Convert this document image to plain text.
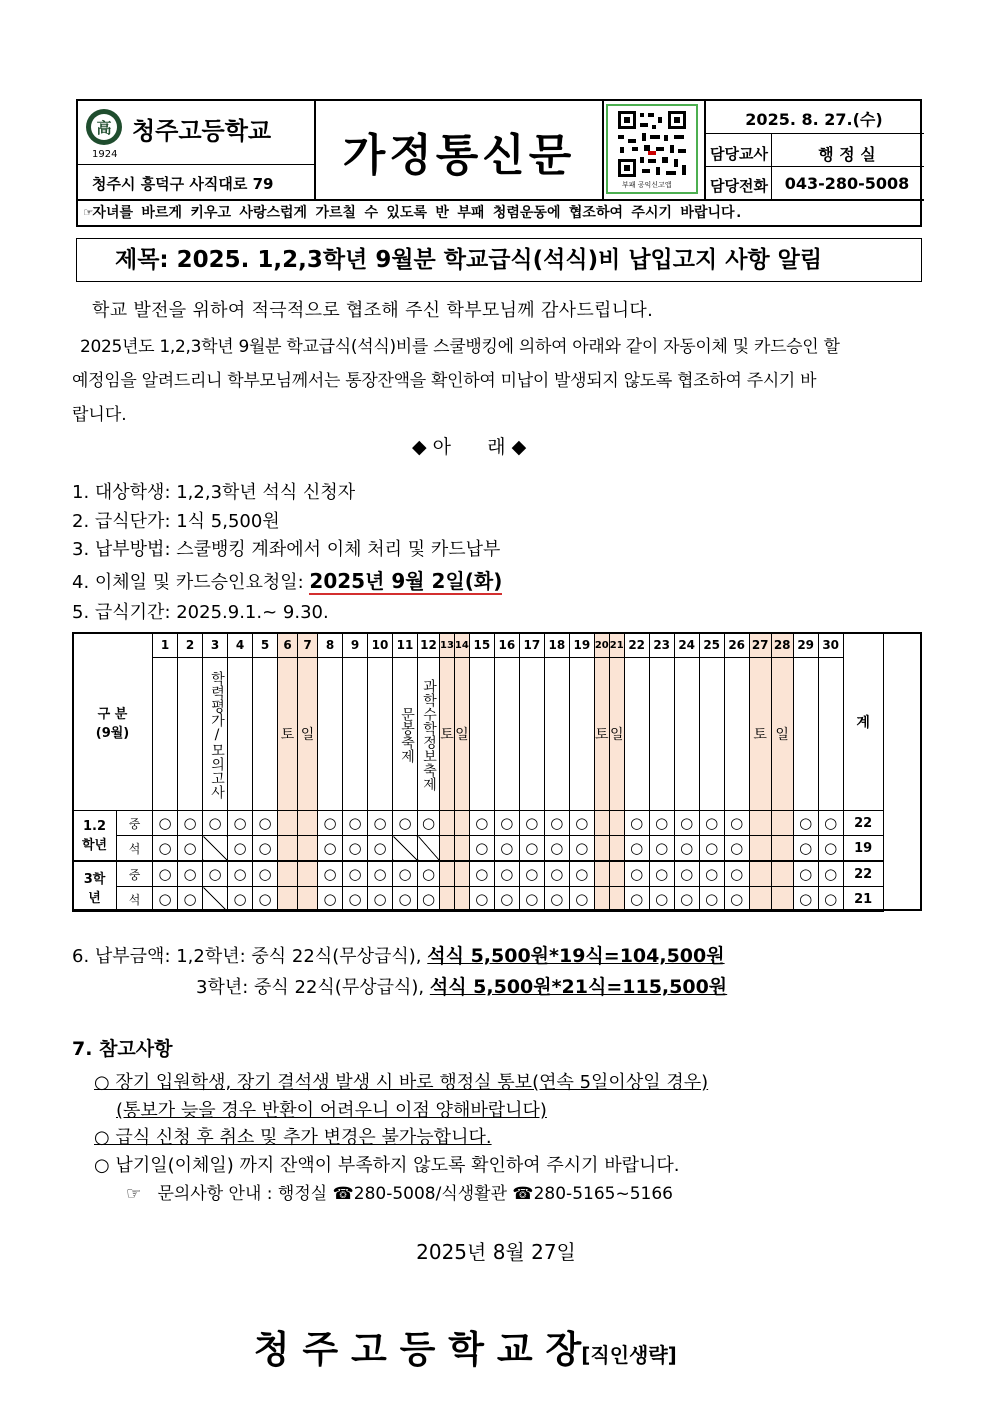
高 청주고등학교
1924
청주시 흥덕구 사직대로 79
가정통신문
부패 공익신고앱
2025. 8. 27.(수)
담당교사	행 정 실
담당전화	043-280-5008
☞자녀를 바르게 키우고 사랑스럽게 가르칠 수 있도록 반 부패 청렴운동에 협조하여 주시기 바랍니다.
제목: 2025. 1,2,3학년 9월분 학교급식(석식)비 납입고지 사항 알림
학교 발전을 위하여 적극적으로 협조해 주신 학부모님께 감사드립니다.
2025년도 1,2,3학년 9월분 학교급식(석식)비를 스쿨뱅킹에 의하여 아래와 같이 자동이체 및 카드승인 할
예정임을 알려드리니 학부모님께서는 통장잔액을 확인하여 미납이 발생되지 않도록 협조하여 주시기 바
랍니다.
◆ 아      래 ◆
1. 대상학생: 1,2,3학년 석식 신청자
2. 급식단가: 1식 5,500원
3. 납부방법: 스쿨뱅킹 계좌에서 이체 처리 및 카드납부
4. 이체일 및 카드승인요청일: 2025년 9월 2일(화)
5. 급식기간: 2025.9.1.~ 9.30.
구 분
(9월)		1	2	3	4	5	6	7	8	9	10	11	12	13	14	15	16	17	18	19	20	21	22	23	24	25	26	27	28	29	30	계
				학력평가/모의고사			토	일				문봉축제	과학수학정보축제	토	일						토	일						토	일			

1.2
학년	중	○	○	○	○	○			○	○	○	○	○			○	○	○	○	○			○	○	○	○	○			○	○	22
	석	○	○		○	○			○	○	○					○	○	○	○	○			○	○	○	○	○			○	○	19

3학
년	중	○	○	○	○	○			○	○	○	○	○			○	○	○	○	○			○	○	○	○	○			○	○	22
	석	○	○		○	○			○	○	○	○	○			○	○	○	○	○			○	○	○	○	○			○	○	21
6. 납부금액: 1,2학년: 중식 22식(무상급식), 석식 5,500원*19식=104,500원
3학년: 중식 22식(무상급식), 석식 5,500원*21식=115,500원
7. 참고사항
○ 장기 입원학생, 장기 결석생 발생 시 바로 행정실 통보(연속 5일이상일 경우)
(통보가 늦을 경우 반환이 어려우니 이점 양해바랍니다)
○ 급식 신청 후 취소 및 추가 변경은 불가능합니다.
○ 납기일(이체일) 까지 잔액이 부족하지 않도록 확인하여 주시기 바랍니다.
☞   문의사항 안내 : 행정실 ☎280-5008/식생활관 ☎280-5165~5166
2025년 8월 27일

청 주 고 등 학 교 장[직인생략]
